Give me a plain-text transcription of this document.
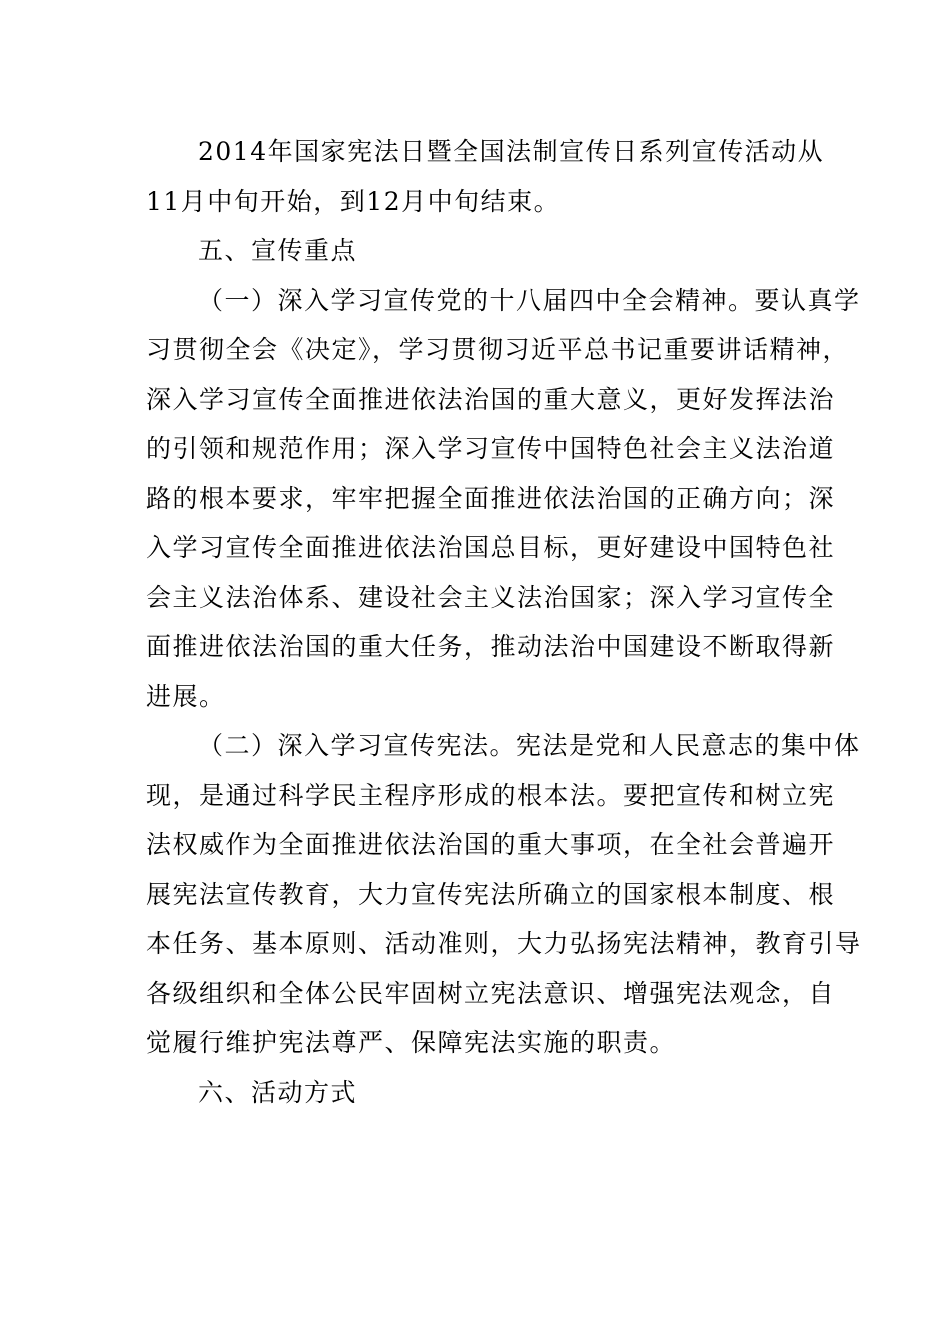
2014年国家宪法日暨全国法制宣传日系列宣传活动从
11月中旬开始，到12月中旬结束。
五、宣传重点
（一）深入学习宣传党的十八届四中全会精神。要认真学
习贯彻全会《决定》，学习贯彻习近平总书记重要讲话精神，
深入学习宣传全面推进依法治国的重大意义，更好发挥法治
的引领和规范作用；深入学习宣传中国特色社会主义法治道
路的根本要求，牢牢把握全面推进依法治国的正确方向；深
入学习宣传全面推进依法治国总目标，更好建设中国特色社
会主义法治体系、建设社会主义法治国家；深入学习宣传全
面推进依法治国的重大任务，推动法治中国建设不断取得新
进展。
（二）深入学习宣传宪法。宪法是党和人民意志的集中体
现，是通过科学民主程序形成的根本法。要把宣传和树立宪
法权威作为全面推进依法治国的重大事项，在全社会普遍开
展宪法宣传教育，大力宣传宪法所确立的国家根本制度、根
本任务、基本原则、活动准则，大力弘扬宪法精神，教育引导
各级组织和全体公民牢固树立宪法意识、增强宪法观念，自
觉履行维护宪法尊严、保障宪法实施的职责。
六、活动方式
